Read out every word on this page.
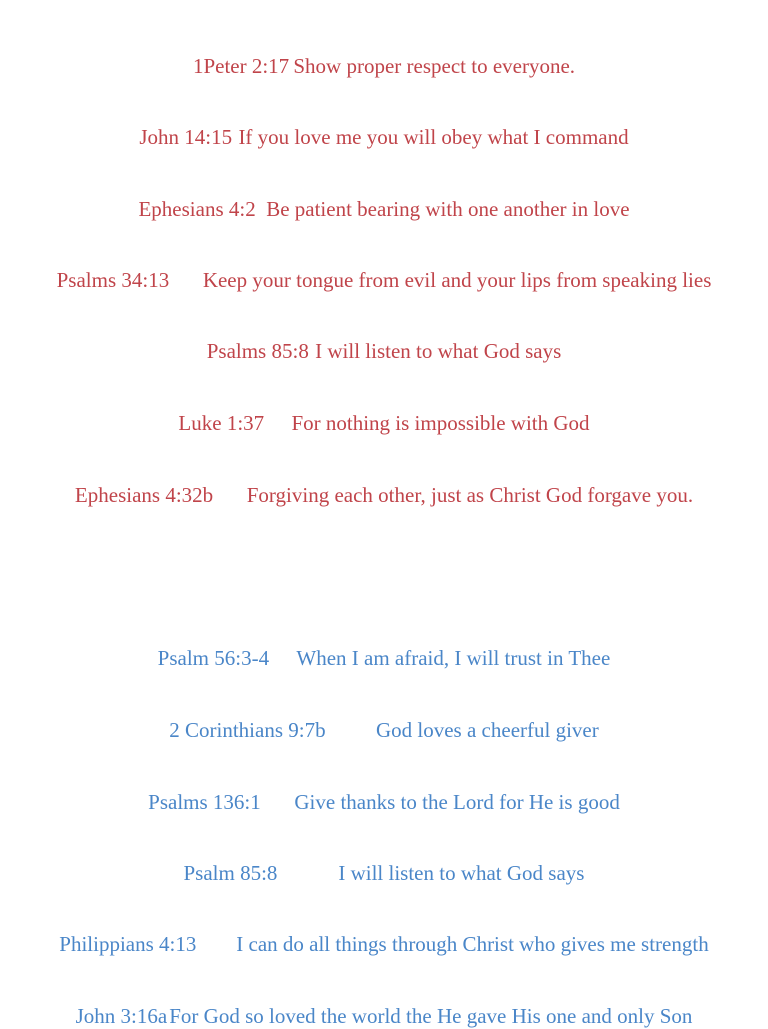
1Peter 2:17 Show proper respect to everyone.

John 14:15 If you love me you will obey what I command

Ephesians 4:2 Be patient bearing with one another in love

Psalms 34:13 Keep your tongue from evil and your lips from speaking lies

Psalms 85:8 I will listen to what God says

Luke 1:37 For nothing is impossible with God

Ephesians 4:32b Forgiving each other, just as Christ God forgave you.

Psalm 56:3-4 When I am afraid, I will trust in Thee

2 Corinthians 9:7b God loves a cheerful giver

Psalms 136:1 Give thanks to the Lord for He is good

Psalm 85:8	I will listen to what God says

Philippians 4:13 I can do all things through Christ who gives me strength

John 3:16aFor God so loved the world the He gave His one and only Son
